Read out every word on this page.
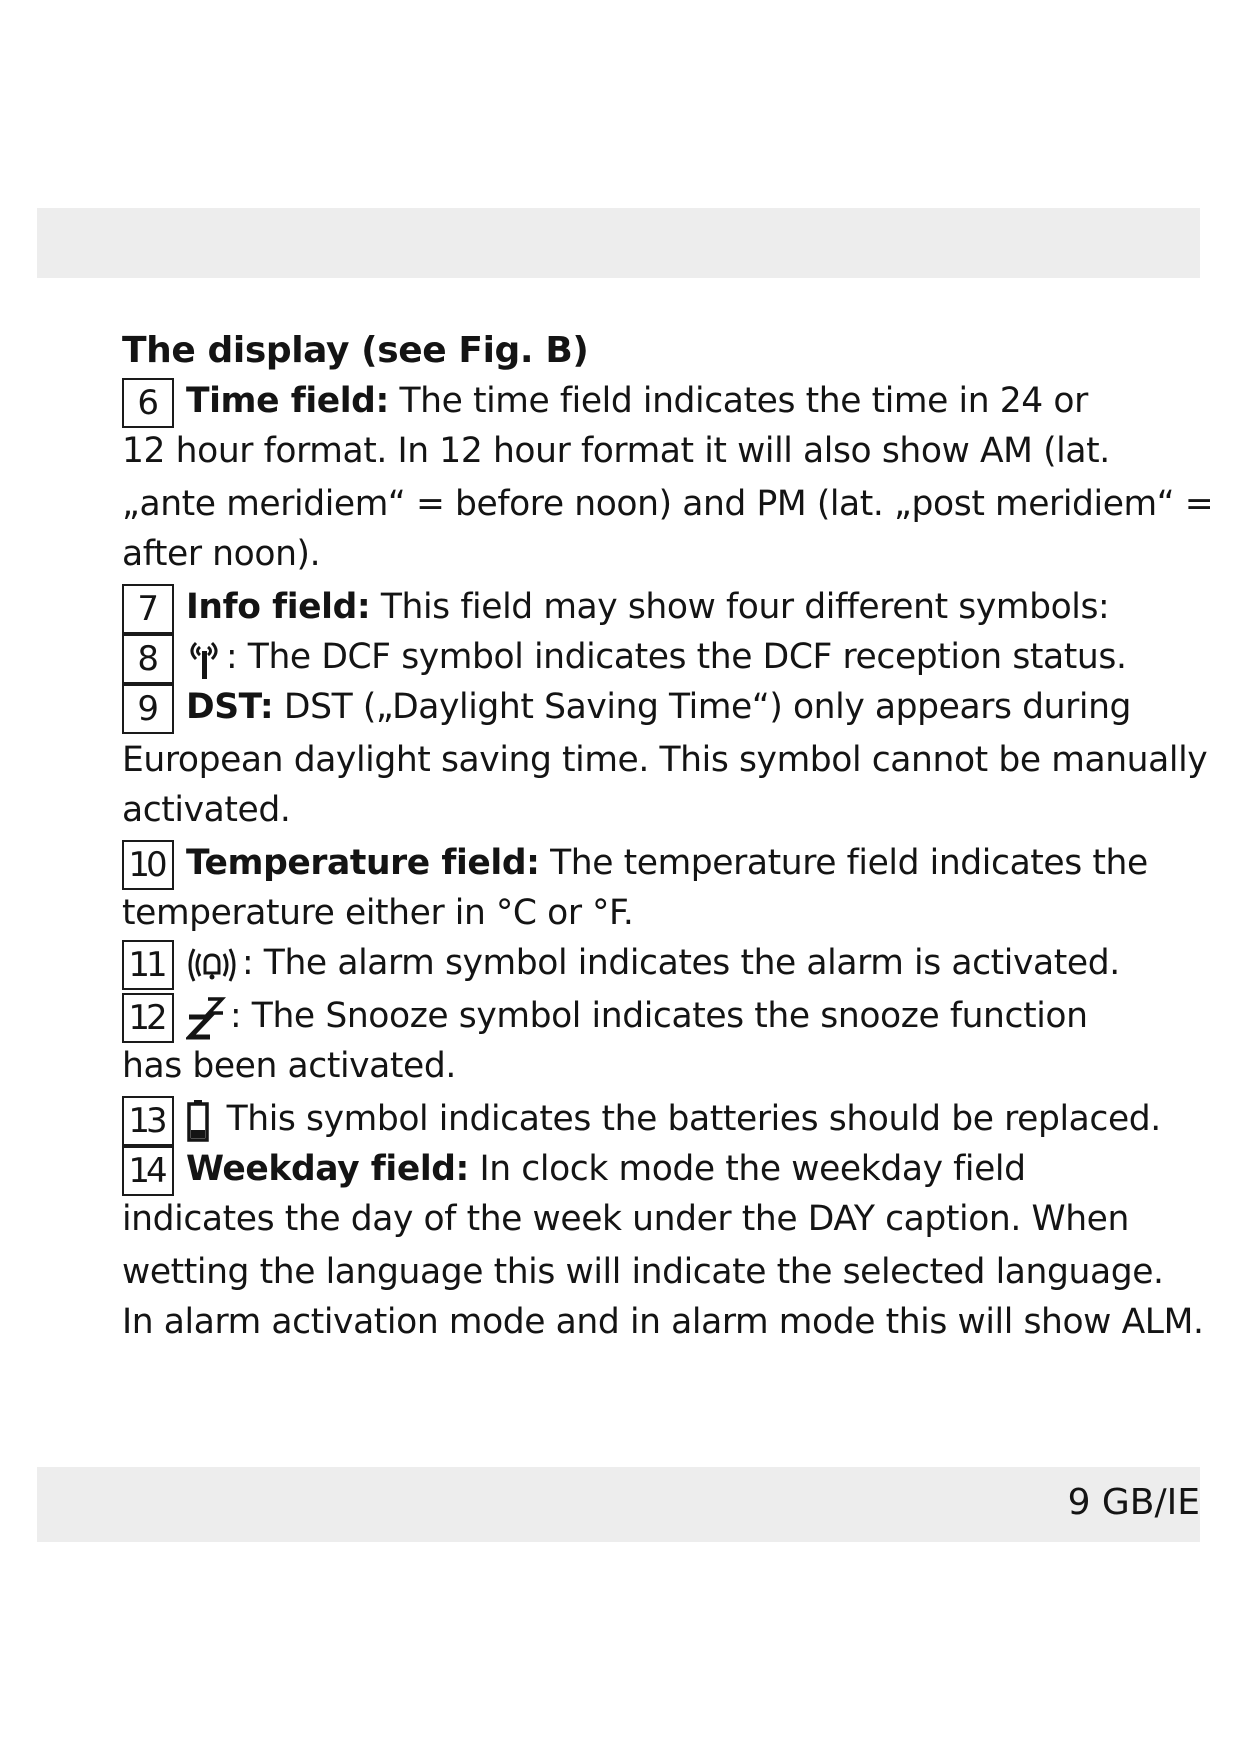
The display (see Fig. B)
6 Time field: The time field indicates the time in 24 or
12 hour format. In 12 hour format it will also show AM (lat.
„ante meridiem“ = before noon) and PM (lat. „post meridiem“ =
after noon).
7 Info field: This field may show four different symbols:
8 : The DCF symbol indicates the DCF reception status.
9 DST: DST („Daylight Saving Time“) only appears during
European daylight saving time. This symbol cannot be manually
activated.
10 Temperature field: The temperature field indicates the
temperature either in °C or °F.
11 : The alarm symbol indicates the alarm is activated.
12 : The Snooze symbol indicates the snooze function
has been activated.
13
This symbol indicates the batteries should be replaced.
14 Weekday field: In clock mode the weekday field
indicates the day of the week under the DAY caption. When
wetting the language this will indicate the selected language.
In alarm activation mode and in alarm mode this will show ALM.
9 GB/IE
